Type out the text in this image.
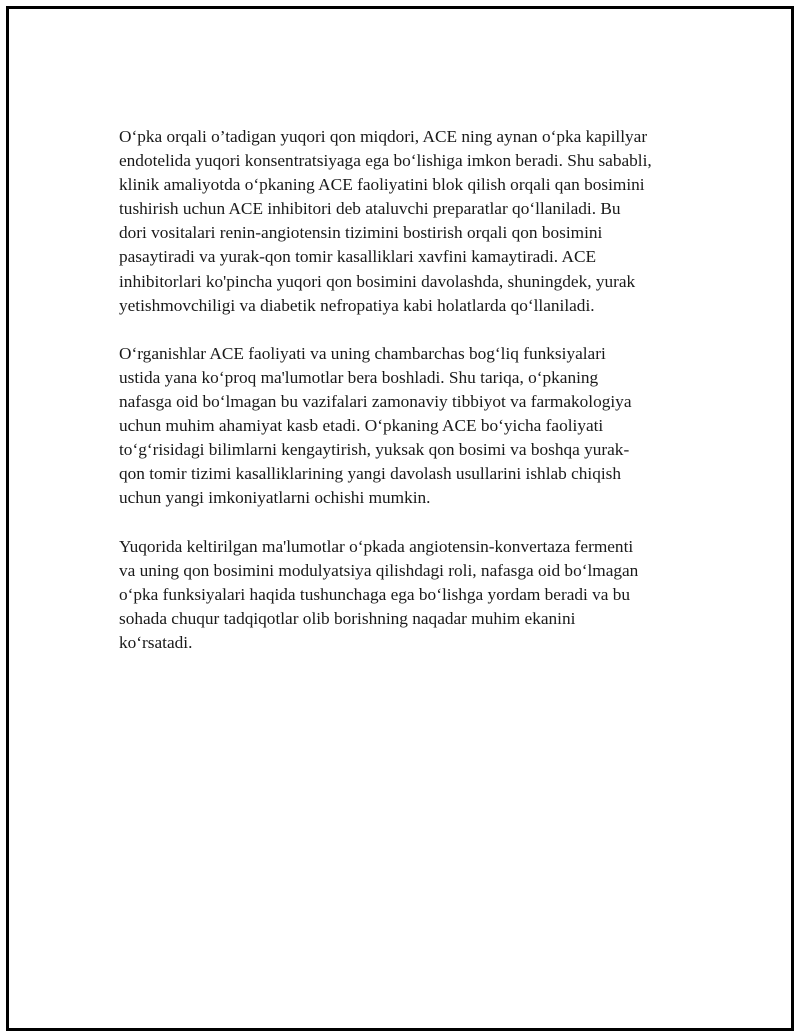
O‘pka orqali o’tadigan yuqori qon miqdori, ACE ning aynan o‘pka kapillyar
endotelida yuqori konsentratsiyaga ega bo‘lishiga imkon beradi. Shu sababli,
klinik amaliyotda o‘pkaning ACE faoliyatini blok qilish orqali qan bosimini
tushirish uchun ACE inhibitori deb ataluvchi preparatlar qo‘llaniladi. Bu
dori vositalari renin-angiotensin tizimini bostirish orqali qon bosimini
pasaytiradi va yurak-qon tomir kasalliklari xavfini kamaytiradi. ACE
inhibitorlari ko'pincha yuqori qon bosimini davolashda, shuningdek, yurak
yetishmovchiligi va diabetik nefropatiya kabi holatlarda qo‘llaniladi.

O‘rganishlar ACE faoliyati va uning chambarchas bog‘liq funksiyalari
ustida yana ko‘proq ma'lumotlar bera boshladi. Shu tariqa, o‘pkaning
nafasga oid bo‘lmagan bu vazifalari zamonaviy tibbiyot va farmakologiya
uchun muhim ahamiyat kasb etadi. O‘pkaning ACE bo‘yicha faoliyati
to‘g‘risidagi bilimlarni kengaytirish, yuksak qon bosimi va boshqa yurak-
qon tomir tizimi kasalliklarining yangi davolash usullarini ishlab chiqish
uchun yangi imkoniyatlarni ochishi mumkin.

Yuqorida keltirilgan ma'lumotlar o‘pkada angiotensin-konvertaza fermenti
va uning qon bosimini modulyatsiya qilishdagi roli, nafasga oid bo‘lmagan
o‘pka funksiyalari haqida tushunchaga ega bo‘lishga yordam beradi va bu
sohada chuqur tadqiqotlar olib borishning naqadar muhim ekanini
ko‘rsatadi.
